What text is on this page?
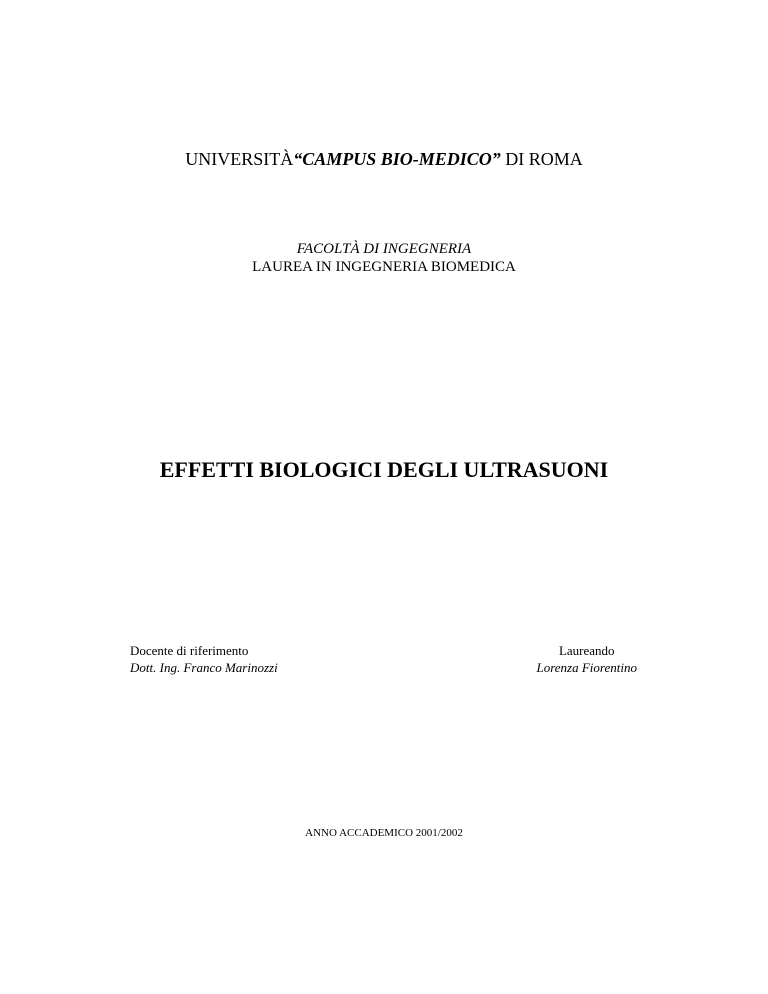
UNIVERSITÀ“CAMPUS BIO-MEDICO” DI ROMA
FACOLTÀ DI INGEGNERIA
LAUREA IN INGEGNERIA BIOMEDICA
EFFETTI BIOLOGICI DEGLI ULTRASUONI
Docente di riferimento
Dott. Ing. Franco Marinozzi
Laureando
Lorenza Fiorentino
ANNO ACCADEMICO 2001/2002
